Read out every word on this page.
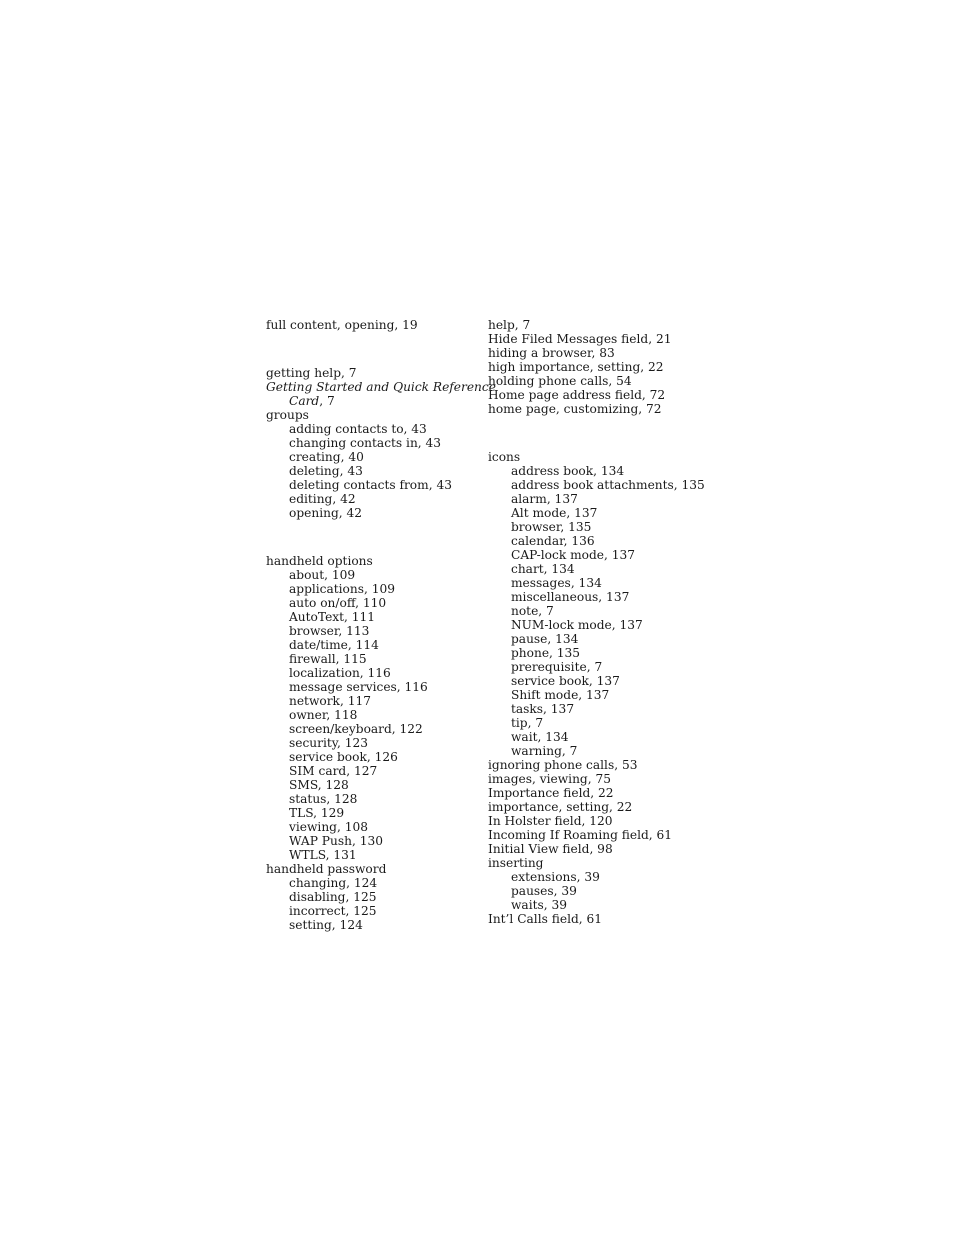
full content, opening, 19
getting help, 7
Getting Started and Quick Reference
Card, 7
groups
adding contacts to, 43
changing contacts in, 43
creating, 40
deleting, 43
deleting contacts from, 43
editing, 42
opening, 42
handheld options
about, 109
applications, 109
auto on/off, 110
AutoText, 111
browser, 113
date/time, 114
firewall, 115
localization, 116
message services, 116
network, 117
owner, 118
screen/keyboard, 122
security, 123
service book, 126
SIM card, 127
SMS, 128
status, 128
TLS, 129
viewing, 108
WAP Push, 130
WTLS, 131
handheld password
changing, 124
disabling, 125
incorrect, 125
setting, 124
help, 7
Hide Filed Messages field, 21
hiding a browser, 83
high importance, setting, 22
holding phone calls, 54
Home page address field, 72
home page, customizing, 72
icons
address book, 134
address book attachments, 135
alarm, 137
Alt mode, 137
browser, 135
calendar, 136
CAP-lock mode, 137
chart, 134
messages, 134
miscellaneous, 137
note, 7
NUM-lock mode, 137
pause, 134
phone, 135
prerequisite, 7
service book, 137
Shift mode, 137
tasks, 137
tip, 7
wait, 134
warning, 7
ignoring phone calls, 53
images, viewing, 75
Importance field, 22
importance, setting, 22
In Holster field, 120
Incoming If Roaming field, 61
Initial View field, 98
inserting
extensions, 39
pauses, 39
waits, 39
Int’l Calls field, 61
